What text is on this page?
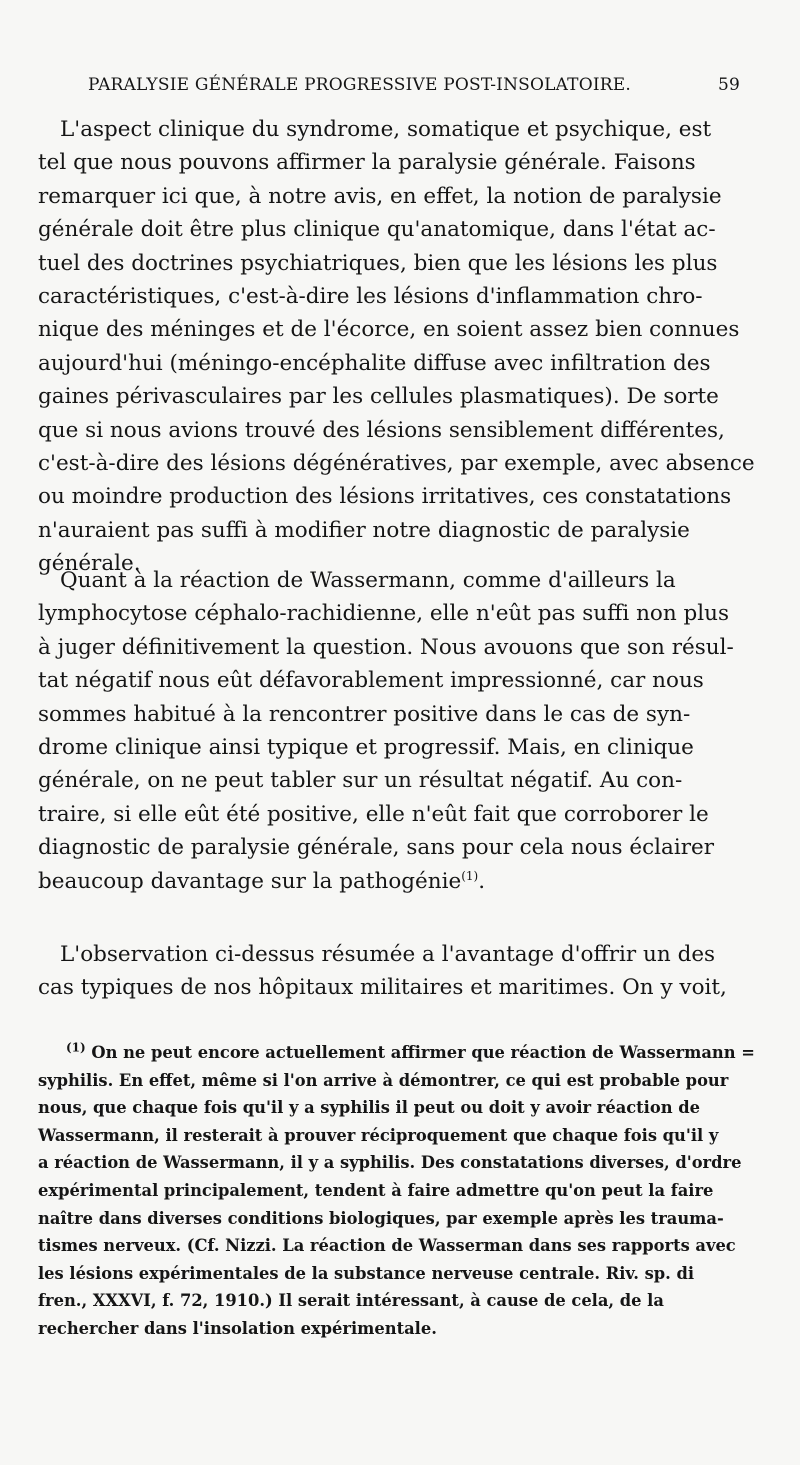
PARALYSIE GÉNÉRALE PROGRESSIVE POST-INSOLATOIRE.	59
L'aspect clinique du syndrome, somatique et psychique, est
tel que nous pouvons affirmer la paralysie générale. Faisons
remarquer ici que, à notre avis, en effet, la notion de paralysie
générale doit être plus clinique qu'anatomique, dans l'état ac-
tuel des doctrines psychiatriques, bien que les lésions les plus
caractéristiques, c'est-à-dire les lésions d'inflammation chro-
nique des méninges et de l'écorce, en soient assez bien connues
aujourd'hui (méningo-encéphalite diffuse avec infiltration des
gaines périvasculaires par les cellules plasmatiques). De sorte
que si nous avions trouvé des lésions sensiblement différentes,
c'est-à-dire des lésions dégénératives, par exemple, avec absence
ou moindre production des lésions irritatives, ces constatations
n'auraient pas suffi à modifier notre diagnostic de paralysie
générale.
Quant à la réaction de Wassermann, comme d'ailleurs la
lymphocytose céphalo-rachidienne, elle n'eût pas suffi non plus
à juger définitivement la question. Nous avouons que son résul-
tat négatif nous eût défavorablement impressionné, car nous
sommes habitué à la rencontrer positive dans le cas de syn-
drome clinique ainsi typique et progressif. Mais, en clinique
générale, on ne peut tabler sur un résultat négatif. Au con-
traire, si elle eût été positive, elle n'eût fait que corroborer le
diagnostic de paralysie générale, sans pour cela nous éclairer
beaucoup davantage sur la pathogénie$^{(1)}$.
L'observation ci-dessus résumée a l'avantage d'offrir un des
cas typiques de nos hôpitaux militaires et maritimes. On y voit,
$^{(1)}$ On ne peut encore actuellement affirmer que réaction de Wassermann =
syphilis. En effet, même si l'on arrive à démontrer, ce qui est probable pour
nous, que chaque fois qu'il y a syphilis il peut ou doit y avoir réaction de
Wassermann, il resterait à prouver réciproquement que chaque fois qu'il y
a réaction de Wassermann, il y a syphilis. Des constatations diverses, d'ordre
expérimental principalement, tendent à faire admettre qu'on peut la faire
naître dans diverses conditions biologiques, par exemple après les trauma-
tismes nerveux. (Cf. Nizzi. La réaction de Wasserman dans ses rapports avec
les lésions expérimentales de la substance nerveuse centrale. Riv. sp. di
fren., XXXVI, f. 72, 1910.) Il serait intéressant, à cause de cela, de la
rechercher dans l'insolation expérimentale.
